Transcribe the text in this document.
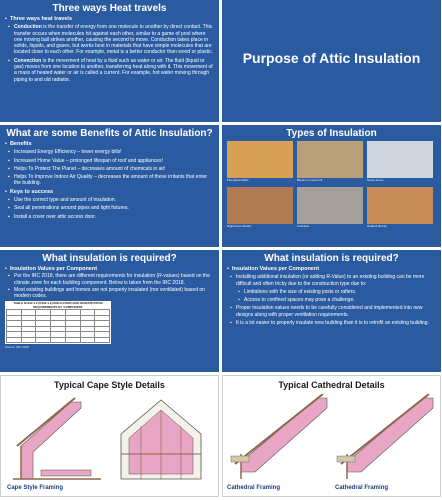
Three ways Heat travels
▪ Three ways heat travels
▪ Conduction is the transfer of energy from one molecule to another by direct contact. This transfer occurs when molecules hit against each other, similar to a game of pool where one moving ball strikes another, causing the second to move. Conduction takes place in solids, liquids, and gases, but works best in materials that have simple molecules that are located close to each other. For example, metal is a better conductor than wood or plastic.
▪ Convection is the movement of heat by a fluid such as water or air. The fluid (liquid or gas) moves from one location to another, transferring heat along with it. This movement of a mass of heated water or air is called a current. For example, hot water moving through piping to and old radiator.
Purpose of Attic Insulation
What are some Benefits of Attic Insulation?
▪ Benefits
▪ Increased Energy Efficiency – lower energy bills!
▪ Increased Home Value – prolonged lifespan of roof and appliances!
▪ Helps To Protect The Planet – decreases amount of chemicals in air!
▪ Helps To Improve Indoor Air Quality – decreases the amount of these irritants that enter the building.
▪ Keys to success
▪ Use the correct type and amount of insulation.
▪ Seal all penetrations around pipes and light fixtures.
▪ Install a cover over attic access door.
Types of Insulation
Fiberglass Batts	Blown-in Loose Fill	Spray Foam
Rigid Foam Board	Cellulose	Radiant Barrier
What insulation is required?
▪ Insulation Values per Component
▪ Per the IRC 2018, there are different requirements for insulation (R-values) based on the climate zone for each building component. Below is taken from the IRC 2018.
▪ Most existing buildings and homes are not properly insulated (nor ventilated) based on modern codes.
TABLE N1102.1.2 (R402.1.2) INSULATION AND FENESTRATION REQUIREMENTS BY COMPONENT

Source: IRC 2018
What insulation is required?
▪ Insulation Values per Component
▪ Installing additional insulation (or adding R-Value) to an existing building can be more difficult and often tricky due to the construction type due to:
▪ Limitations with the size of existing joists or rafters.
▪ Access to confined spaces may pose a challenge.
▪ Proper insulation values needs to be carefully considered and implemented into new designs along with proper ventilation requirements.
▪ It is a lot easier to properly insulate new building than it is to retrofit an existing building.
Typical Cape Style Details
Cape Style Framing
Typical Cathedral Details
Cathedral Framing	Cathedral Framing
